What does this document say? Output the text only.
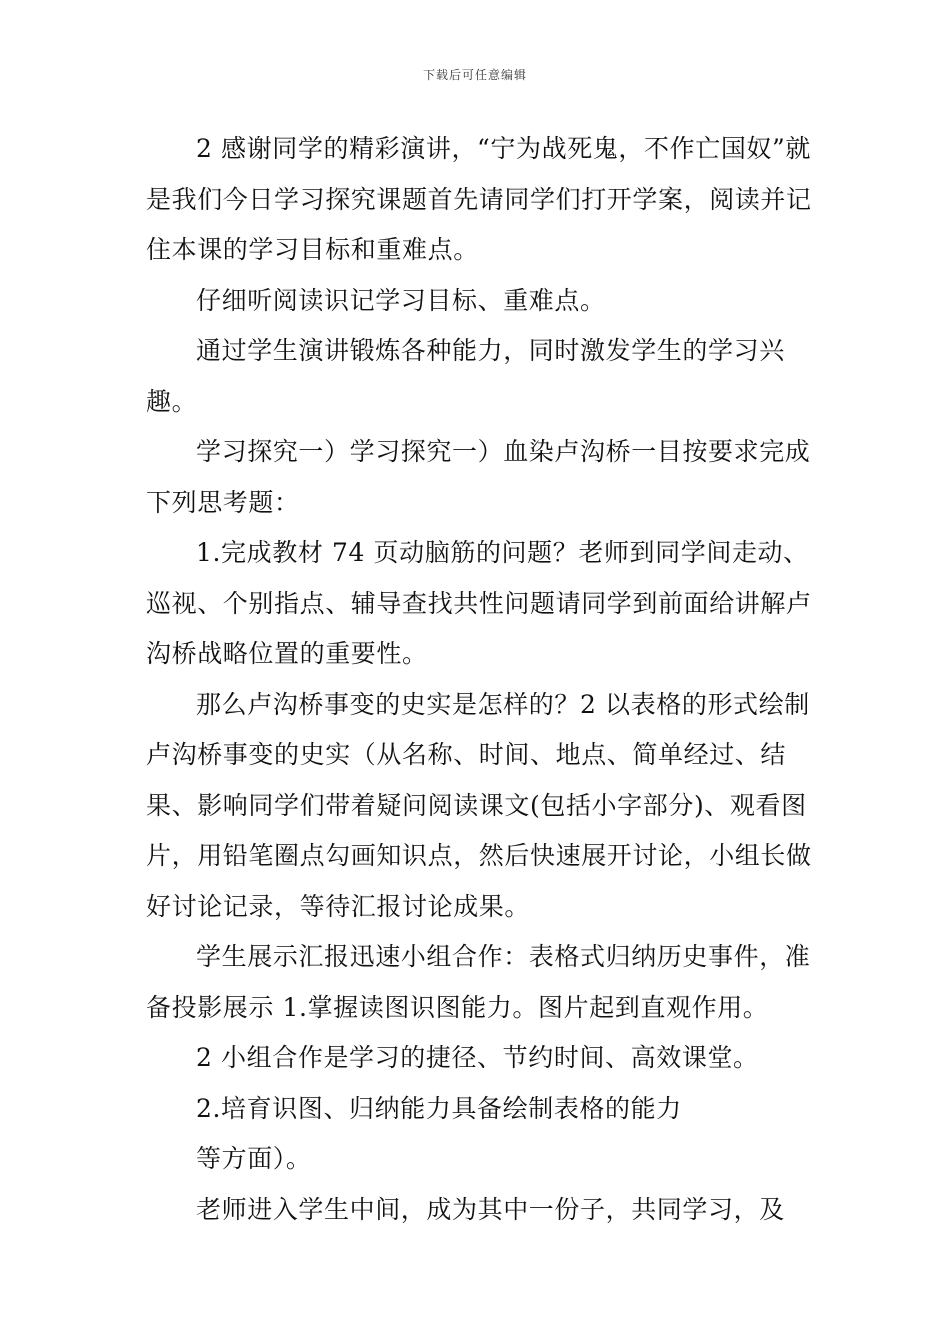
下载后可任意编辑

2 感谢同学的精彩演讲，“宁为战死鬼，不作亡国奴”就是我们今日学习探究课题首先请同学们打开学案，阅读并记住本课的学习目标和重难点。

仔细听阅读识记学习目标、重难点。

通过学生演讲锻炼各种能力，同时激发学生的学习兴趣。

学习探究一）学习探究一）血染卢沟桥一目按要求完成下列思考题：

1.完成教材 74 页动脑筋的问题？老师到同学间走动、巡视、个别指点、辅导查找共性问题请同学到前面给讲解卢沟桥战略位置的重要性。

那么卢沟桥事变的史实是怎样的？2 以表格的形式绘制卢沟桥事变的史实（从名称、时间、地点、简单经过、结果、影响同学们带着疑问阅读课文(包括小字部分)、观看图片，用铅笔圈点勾画知识点，然后快速展开讨论，小组长做好讨论记录，等待汇报讨论成果。

学生展示汇报迅速小组合作：表格式归纳历史事件，准备投影展示 1.掌握读图识图能力。图片起到直观作用。

2 小组合作是学习的捷径、节约时间、高效课堂。

2.培育识图、归纳能力具备绘制表格的能力

等方面）。

老师进入学生中间，成为其中一份子，共同学习，及
